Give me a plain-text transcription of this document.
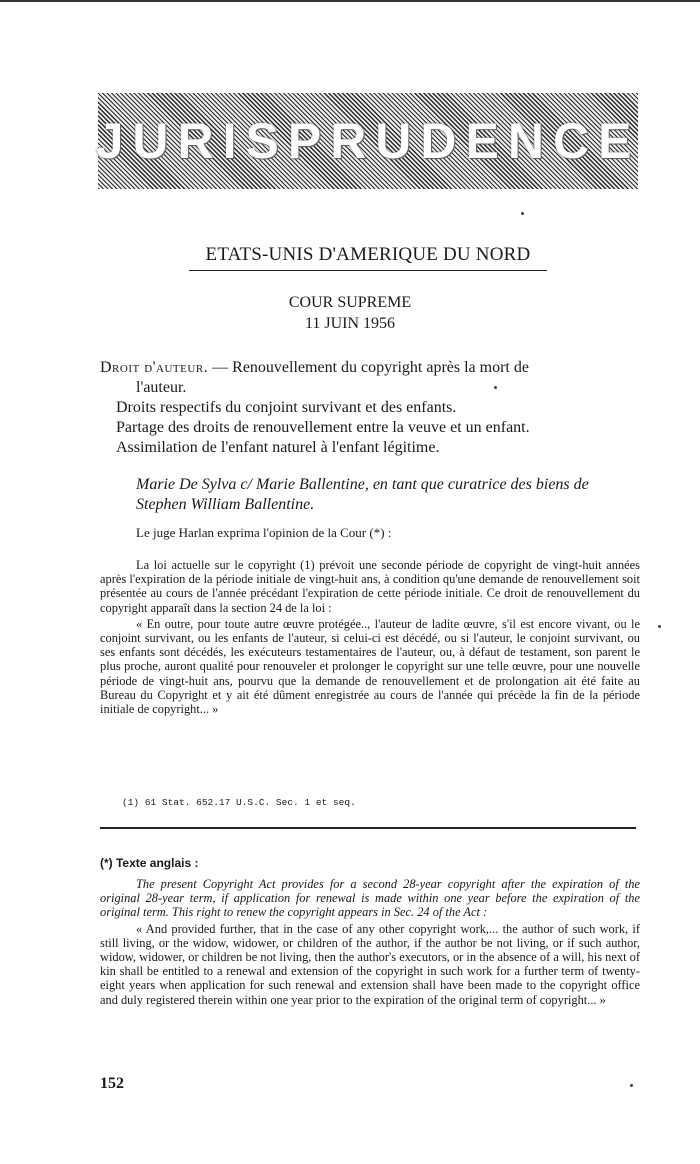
JURISPRUDENCE
ETATS-UNIS D'AMERIQUE DU NORD
COUR SUPREME
11 JUIN 1956
Droit d'auteur. — Renouvellement du copyright après la mort de
l'auteur.
Droits respectifs du conjoint survivant et des enfants.
Partage des droits de renouvellement entre la veuve et un enfant.
Assimilation de l'enfant naturel à l'enfant légitime.
Marie De Sylva c/ Marie Ballentine, en tant que curatrice des biens de Stephen William Ballentine.
Le juge Harlan exprima l'opinion de la Cour (*) :

La loi actuelle sur le copyright (1) prévoit une seconde période de copyright de vingt-huit années après l'expiration de la période initiale de vingt-huit ans, à condition qu'une demande de renouvellement soit présentée au cours de l'année précédant l'expiration de cette période initiale. Ce droit de renouvellement du copyright apparaît dans la section 24 de la loi :

« En outre, pour toute autre œuvre protégée.., l'auteur de ladite œuvre, s'il est encore vivant, ou le conjoint survivant, ou les enfants de l'auteur, si celui-ci est décédé, ou si l'auteur, le conjoint survivant, ou ses enfants sont décédés, les exécuteurs testamentaires de l'auteur, ou, à défaut de testament, son parent le plus proche, auront qualité pour renouveler et prolonger le copyright sur une telle œuvre, pour une nouvelle période de vingt-huit ans, pourvu que la demande de renouvellement et de prolongation ait été faite au Bureau du Copyright et y ait été dûment enregistrée au cours de l'année qui précède la fin de la période initiale de copyright... »

(1) 61 Stat. 652.17 U.S.C. Sec. 1 et seq.
(*) Texte anglais :

The present Copyright Act provides for a second 28-year copyright after the expiration of the original 28-year term, if application for renewal is made within one year before the expiration of the original term. This right to renew the copyright appears in Sec. 24 of the Act :

« And provided further, that in the case of any other copyright work,... the author of such work, if still living, or the widow, widower, or children of the author, if the author be not living, or if such author, widow, widower, or children be not living, then the author's executors, or in the absence of a will, his next of kin shall be entitled to a renewal and extension of the copyright in such work for a further term of twenty-eight years when application for such renewal and extension shall have been made to the copyright office and duly registered therein within one year prior to the expiration of the original term of copyright... »

152
